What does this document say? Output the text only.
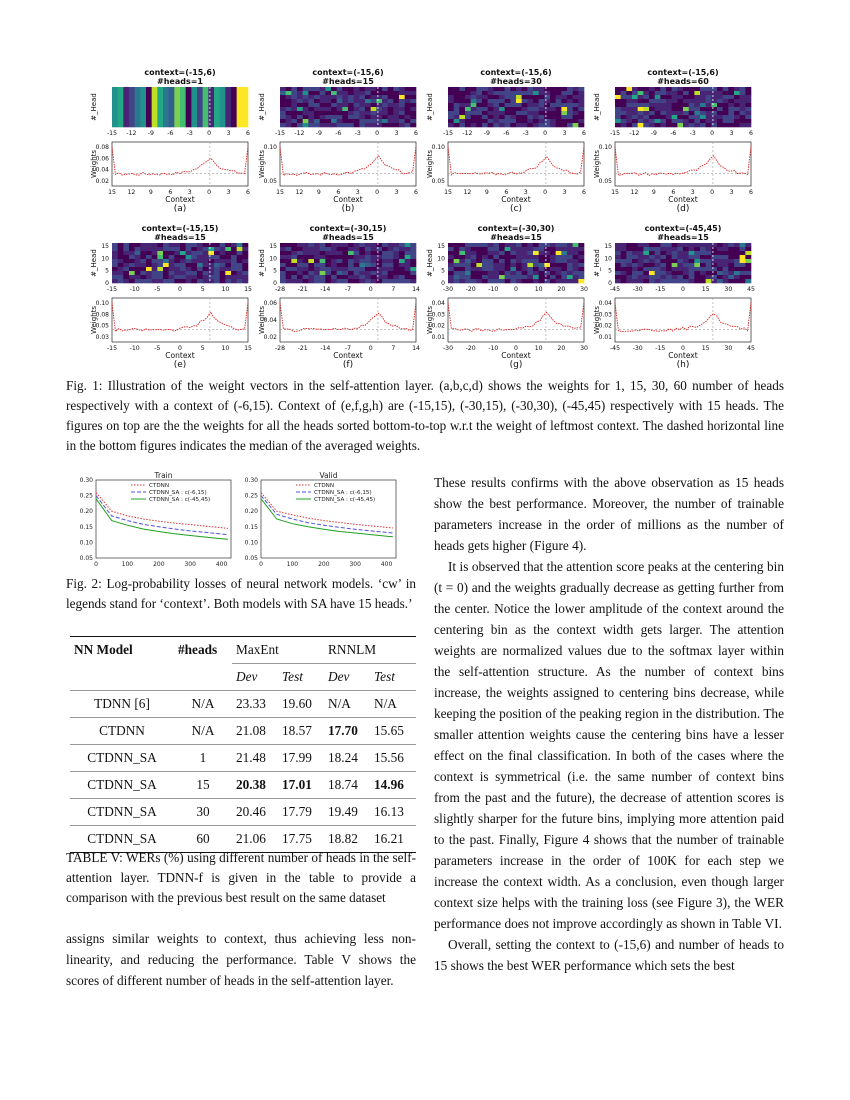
context=(-15,6)
#heads=1
-15 -12 -9 -6 -3 0 3 6
#_Head
0.08
0.06
0.04
0.02
Weights
15 12 9 6 3 0 3 6
Context
(a)
context=(-15,6)
#heads=15
-15 -12 -9 -6 -3 0 3 6
#_Head
0.10
0.05
Weights
15 12 9 6 3 0 3 6
Context
(b)
context=(-15,6)
#heads=30
-15 -12 -9 -6 -3 0 3 6
#_Head
0.10
0.05
Weights
15 12 9 6 3 0 3 6
Context
(c)
context=(-15,6)
#heads=60
-15 -12 -9 -6 -3 0 3 6
#_Head
0.10
0.05
Weights
15 12 9 6 3 0 3 6
Context
(d)
context=(-15,15)
#heads=15
-15 -10 -5	0	5	10 15
15
10
5
0
#_Head
0.10
0.08
0.05
0.03
Weights
-15 -10 -5	0	5	10 15
Context
(e)
context=(-30,15)
#heads=15
-28 -21 -14 -7	0	7	14
15
10
5
0
#_Head
0.06
0.04
0.02
Weights
-28 -21 -14 -7	0	7	14
Context
(f)
context=(-30,30)
#heads=15
-30 -20 -10	0	10 20 30
15
10
5
0
#_Head
0.04
0.03
0.02
0.01
Weights
-30 -20 -10	0	10 20 30
Context
(g)
context=(-45,45)
#heads=15
-45 -30 -15	0	15 30 45
15
10
5
0
#_Head
0.04
0.03
0.02
0.01
Weights
-45 -30 -15	0	15 30 45
Context
(h)
Fig. 1: Illustration of the weight vectors in the self-attention layer. (a,b,c,d) shows the weights for 1, 15, 30, 60 number of heads respectively with a context of (-6,15). Context of (e,f,g,h) are (-15,15), (-30,15), (-30,30), (-45,45) respectively with 15 heads. The figures on top are the the weights for all the heads sorted bottom-to-top w.r.t the weight of leftmost context. The dashed horizontal line in the bottom figures indicates the median of the averaged weights.
Train
0.30
0.25
0.20
0.15
0.10
0.05
0	100	200	300	400
CTDNN
CTDNN_SA : c(-6,15)
CTDNN_SA : c(-45,45)
Valid
0.30
0.25
0.20
0.15
0.10
0.05
0	100	200	300	400
CTDNN
CTDNN_SA : c(-6,15)
CTDNN_SA : c(-45,45)
Fig. 2: Log-probability losses of neural network models. ‘cw’ in legends stand for ‘context’. Both models with SA have 15 heads.’
NN Model	#heads	MaxEnt		RNNLM	
		Dev	Test	Dev	Test
TDNN [6]	N/A	23.33	19.60	N/A	N/A
CTDNN	N/A	21.08	18.57	17.70	15.65
CTDNN_SA	1	21.48	17.99	18.24	15.56
CTDNN_SA	15	20.38	17.01	18.74	14.96
CTDNN_SA	30	20.46	17.79	19.49	16.13
CTDNN_SA	60	21.06	17.75	18.82	16.21
TABLE V: WERs (%) using different number of heads in the self-attention layer. TDNN-f is given in the table to provide a comparison with the previous best result on the same dataset

assigns similar weights to context, thus achieving less non-linearity, and reducing the performance. Table V shows the scores of different number of heads in the self-attention layer.

These results confirms with the above observation as 15 heads show the best performance. Moreover, the number of trainable parameters increase in the order of millions as the number of heads gets higher (Figure 4).

It is observed that the attention score peaks at the centering bin (t = 0) and the weights gradually decrease as getting further from the center. Notice the lower amplitude of the context around the centering bin as the context width gets larger. The attention weights are normalized values due to the softmax layer within the self-attention structure. As the number of context bins increase, the weights assigned to centering bins decrease, while keeping the position of the peaking region in the distribution. The smaller attention weights cause the centering bins have a lesser effect on the final classification. In both of the cases where the context is symmetrical (i.e. the same number of context bins from the past and the future), the decrease of attention scores is slightly sharper for the future bins, implying more attention paid to the past. Finally, Figure 4 shows that the number of trainable parameters increase in the order of 100K for each step we increase the context width. As a conclusion, even though larger context size helps with the training loss (see Figure 3), the WER performance does not improve accordingly as shown in Table VI.

Overall, setting the context to (-15,6) and number of heads to 15 shows the best WER performance which sets the best
